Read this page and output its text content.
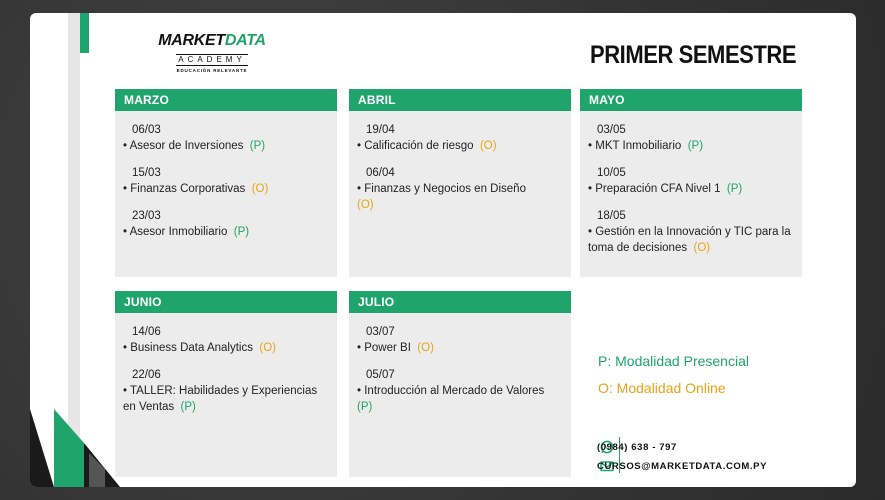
MARKETDATA
ACADEMY
EDUCACIÓN RELEVANTE
PRIMER SEMESTRE
MARZO
06/03
• Asesor de Inversiones (P)
15/03
• Finanzas Corporativas (O)
23/03
• Asesor Inmobiliario (P)
ABRIL
19/04
• Calificación de riesgo (O)
06/04
• Finanzas y Negocios en Diseño
(O)
MAYO
03/05
• MKT Inmobiliario (P)
10/05
• Preparación CFA Nivel 1 (P)
18/05
• Gestión en la Innovación y TIC para la toma de decisiones (O)
JUNIO
14/06
• Business Data Analytics (O)
22/06
• TALLER: Habilidades y Experiencias en Ventas (P)
JULIO
03/07
• Power BI (O)
05/07
• Introducción al Mercado de Valores  (P)
P: Modalidad Presencial
O: Modalidad Online
(0984) 638 - 797
CURSOS@MARKETDATA.COM.PY
